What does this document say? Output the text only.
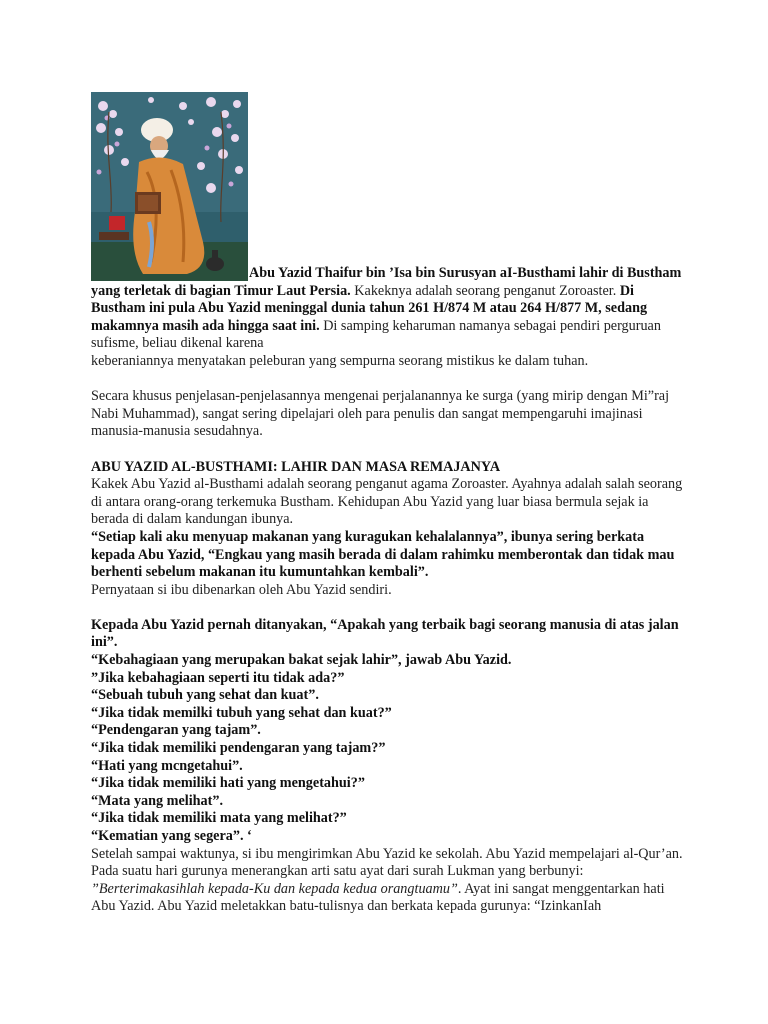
Abu Yazid Thaifur bin ’Isa bin Surusyan aI-Busthami lahir di Bustham yang terletak di bagian Timur Laut Persia. Kakeknya adalah seorang penganut Zoroaster. Di Bustham ini pula Abu Yazid meninggal dunia tahun 261 H/874 M atau 264 H/877 M, sedang makamnya masih ada hingga saat ini. Di samping keharuman namanya sebagai pendiri perguruan sufisme, beliau dikenal karena

keberaniannya menyatakan peleburan yang sempurna seorang mistikus ke dalam tuhan.

Secara khusus penjelasan-penjelasannya mengenai perjalanannya ke surga (yang mirip dengan Mi”raj Nabi Muhammad), sangat sering dipelajari oleh para penulis dan sangat mempengaruhi imajinasi manusia-manusia sesudahnya.

ABU YAZID AL-BUSTHAMI: LAHIR DAN MASA REMAJANYA

Kakek Abu Yazid al-Busthami adalah seorang penganut agama Zoroaster. Ayahnya adalah salah seorang di antara orang-orang terkemuka Bustham. Kehidupan Abu Yazid yang luar biasa bermula sejak ia berada di dalam kandungan ibunya.

“Setiap kali aku menyuap makanan yang kuragukan kehalalannya”, ibunya sering berkata kepada Abu Yazid, “Engkau yang masih berada di dalam rahimku memberontak dan tidak mau berhenti sebelum makanan itu kumuntahkan kembali”.

Pernyataan si ibu dibenarkan oleh Abu Yazid sendiri.

Kepada Abu Yazid pernah ditanyakan, “Apakah yang terbaik bagi seorang manusia di atas jalan ini”.

“Kebahagiaan yang merupakan bakat sejak lahir”, jawab Abu Yazid.

”Jika kebahagiaan seperti itu tidak ada?”

“Sebuah tubuh yang sehat dan kuat”.

“Jika tidak memilki tubuh yang sehat dan kuat?”

“Pendengaran yang tajam”.

“Jika tidak memiliki pendengaran yang tajam?”

“Hati yang mcngetahui”.

“Jika tidak memiliki hati yang mengetahui?”

“Mata yang melihat”.

“Jika tidak memiliki mata yang melihat?”

“Kematian yang segera”. ‘

Setelah sampai waktunya, si ibu mengirimkan Abu Yazid ke sekolah. Abu Yazid mempelajari al-Qur’an. Pada suatu hari gurunya menerangkan arti satu ayat dari surah Lukman yang berbunyi: ”Berterimakasihlah kepada-Ku dan kepada kedua orangtuamu”. Ayat ini sangat menggentarkan hati Abu Yazid. Abu Yazid meletakkan batu-tulisnya dan berkata kepada gurunya: “IzinkanIah
